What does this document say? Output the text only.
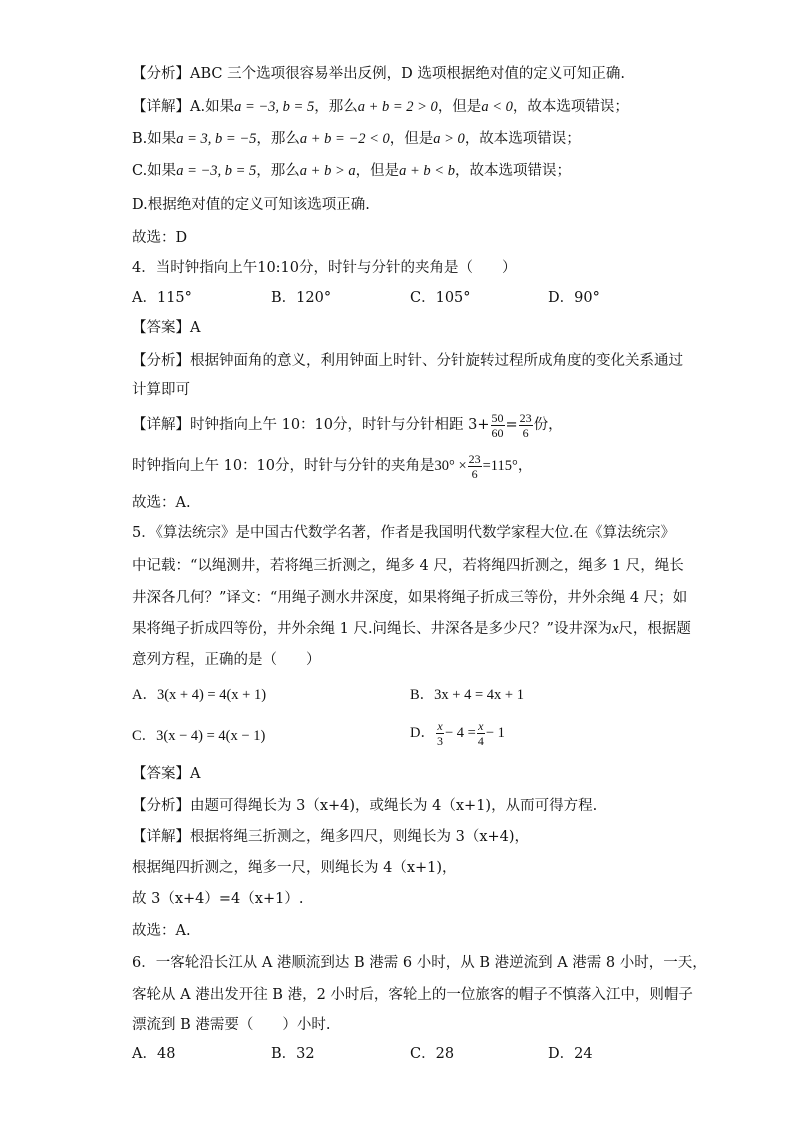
【分析】ABC 三个选项很容易举出反例，D 选项根据绝对值的定义可知正确.
【详解】A.如果a = −3, b = 5，那么a + b = 2 > 0，但是a < 0，故本选项错误；
B.如果a = 3, b = −5，那么a + b = −2 < 0，但是a > 0，故本选项错误；
C.如果a = −3, b = 5，那么a + b > a，但是a + b < b，故本选项错误；
D.根据绝对值的定义可知该选项正确.
故选：D
4．当时钟指向上午10:10分，时针与分针的夹角是（　　）
A．115°	B．120°	C．105°	D．90°
【答案】A
【分析】根据钟面角的意义，利用钟面上时针、分针旋转过程所成角度的变化关系通过
计算即可
【详解】时钟指向上午 10：10分，时针与分针相距 $3+ \frac{50}{60} = \frac{23}{6}$ 份，
时钟指向上午 10：10分，时针与分针的夹角是$30^\circ \times \frac{23}{6} =115^\circ$，
故选：A.
5．《算法统宗》是中国古代数学名著，作者是我国明代数学家程大位.在《算法统宗》
中记载：“以绳测井，若将绳三折测之，绳多 4 尺，若将绳四折测之，绳多 1 尺，绳长
井深各几何？”译文：“用绳子测水井深度，如果将绳子折成三等份，井外余绳 4 尺；如
果将绳子折成四等份，井外余绳 1 尺.问绳长、井深各是多少尺？”设井深为x尺，根据题
意列方程，正确的是（　　）
A．3(x + 4) = 4(x + 1)	B．3x + 4 = 4x + 1
C．3(x − 4) = 4(x − 1)	D． $\frac{x}{3} - 4 = \frac{x}{4} - 1$
【答案】A
【分析】由题可得绳长为 3（x+4)，或绳长为 4（x+1)，从而可得方程.
【详解】根据将绳三折测之，绳多四尺，则绳长为 3（x+4)，
根据绳四折测之，绳多一尺，则绳长为 4（x+1)，
故 3（x+4）=4（x+1）.
故选：A.
6．一客轮沿长江从 A 港顺流到达 B 港需 6 小时，从 B 港逆流到 A 港需 8 小时，一天，
客轮从 A 港出发开往 B 港，2 小时后，客轮上的一位旅客的帽子不慎落入江中，则帽子
漂流到 B 港需要（　　）小时.
A．48	B．32	C．28	D．24
